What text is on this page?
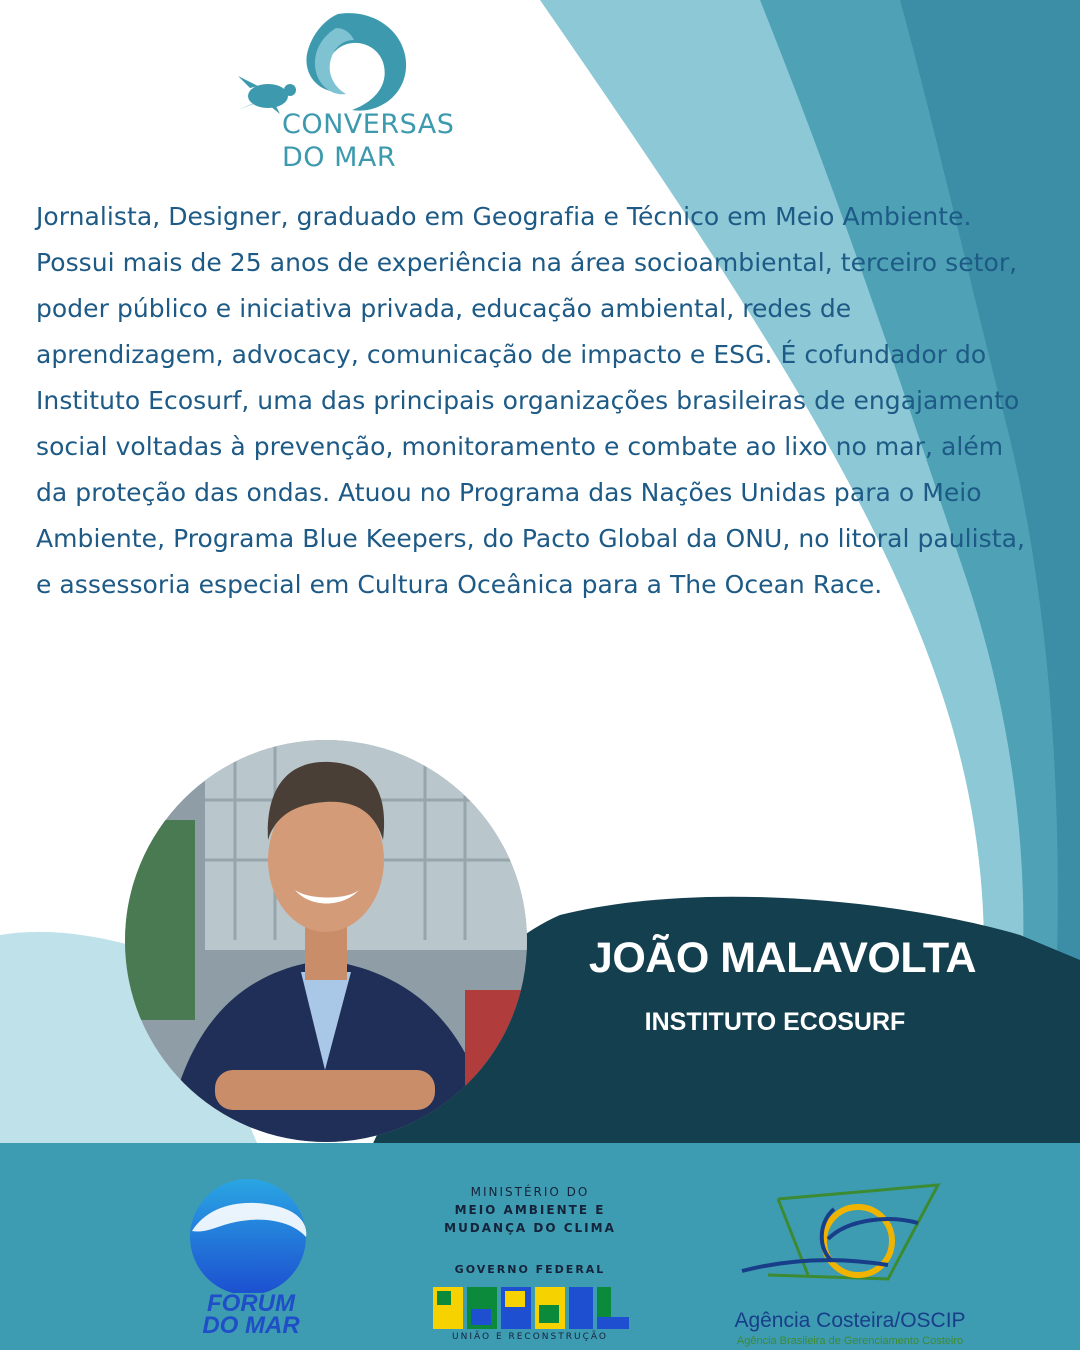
CONVERSAS
DO MAR

Jornalista, Designer, graduado em Geografia e Técnico em Meio Ambiente. Possui mais de 25 anos de experiência na área socioambiental, terceiro setor, poder público e iniciativa privada, educação ambiental, redes de aprendizagem, advocacy, comunicação de impacto e ESG. É cofundador do Instituto Ecosurf, uma das principais organizações brasileiras de engajamento social voltadas à prevenção, monitoramento e combate ao lixo no mar, além da proteção das ondas. Atuou no Programa das Nações Unidas para o Meio Ambiente, Programa Blue Keepers, do Pacto Global da ONU, no litoral paulista, e assessoria especial em Cultura Oceânica para a The Ocean Race.

JOÃO MALAVOLTA
INSTITUTO ECOSURF
FÓRUM
DO MAR
MINISTÉRIO DO
MEIO AMBIENTE E
MUDANÇA DO CLIMA
GOVERNO FEDERAL
UNIÃO E RECONSTRUÇÃO
Agência Costeira/OSCIP
Agência Brasileira de Gerenciamento Costeiro
